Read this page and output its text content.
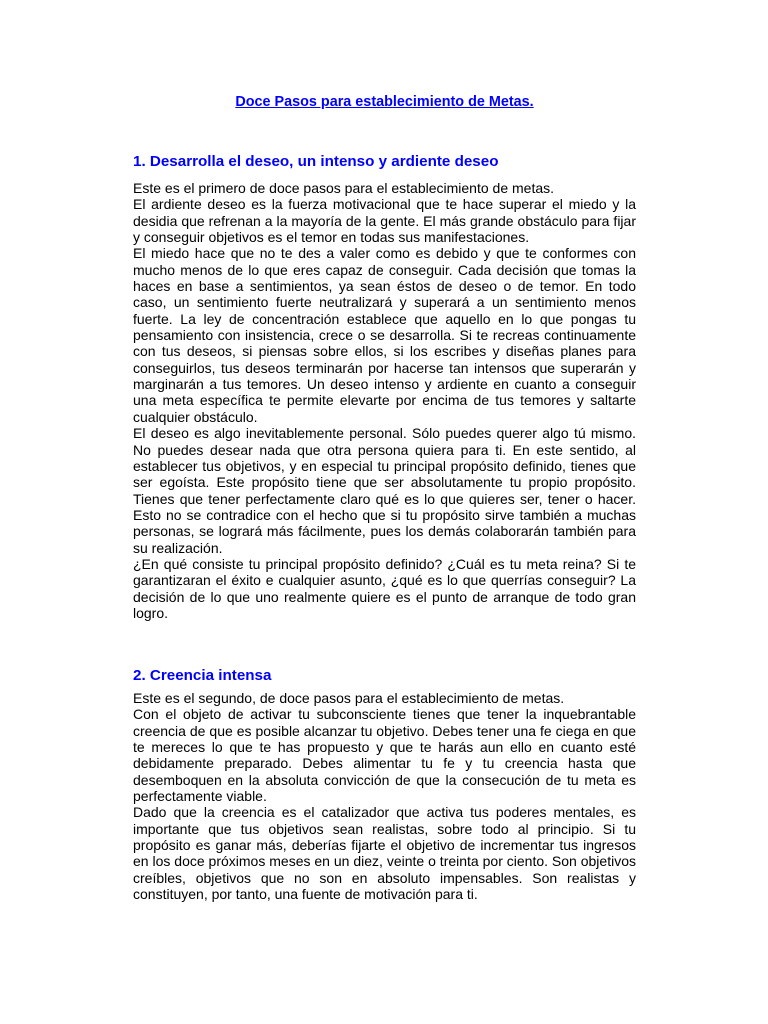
Doce Pasos para establecimiento de Metas.
1. Desarrolla el deseo, un intenso y ardiente deseo

Este es el primero de doce pasos para el establecimiento de metas.

El ardiente deseo es la fuerza motivacional que te hace superar el miedo y la desidia que refrenan a la mayoría de la gente. El más grande obstáculo para fijar y conseguir objetivos es el temor en todas sus manifestaciones.

El miedo hace que no te des a valer como es debido y que te conformes con mucho menos de lo que eres capaz de conseguir. Cada decisión que tomas la haces en base a sentimientos, ya sean éstos de deseo o de temor. En todo caso, un sentimiento fuerte neutralizará y superará a un sentimiento menos fuerte. La ley de concentración establece que aquello en lo que pongas tu pensamiento con insistencia, crece o se desarrolla. Si te recreas continuamente con tus deseos, si piensas sobre ellos, si los escribes y diseñas planes para conseguirlos, tus deseos terminarán por hacerse tan intensos que superarán y marginarán a tus temores. Un deseo intenso y ardiente en cuanto a conseguir una meta específica te permite elevarte por encima de tus temores y saltarte cualquier obstáculo.

El deseo es algo inevitablemente personal. Sólo puedes querer algo tú mismo. No puedes desear nada que otra persona quiera para ti. En este sentido, al establecer tus objetivos, y en especial tu principal propósito definido, tienes que ser egoísta. Este propósito tiene que ser absolutamente tu propio propósito. Tienes que tener perfectamente claro qué es lo que quieres ser, tener o hacer. Esto no se contradice con el hecho que si tu propósito sirve también a muchas personas, se logrará más fácilmente, pues los demás colaborarán también para su realización.

¿En qué consiste tu principal propósito definido? ¿Cuál es tu meta reina? Si te garantizaran el éxito e cualquier asunto, ¿qué es lo que querrías conseguir? La decisión de lo que uno realmente quiere es el punto de arranque de todo gran logro.

2. Creencia intensa

Este es el segundo, de doce pasos para el establecimiento de metas.

Con el objeto de activar tu subconsciente tienes que tener la inquebrantable creencia de que es posible alcanzar tu objetivo. Debes tener una fe ciega en que te mereces lo que te has propuesto y que te harás aun ello en cuanto esté debidamente preparado. Debes alimentar tu fe y tu creencia hasta que desemboquen en la absoluta convicción de que la consecución de tu meta es perfectamente viable.

Dado que la creencia es el catalizador que activa tus poderes mentales, es importante que tus objetivos sean realistas, sobre todo al principio. Si tu propósito es ganar más, deberías fijarte el objetivo de incrementar tus ingresos en los doce próximos meses en un diez, veinte o treinta por ciento. Son objetivos creíbles, objetivos que no son en absoluto impensables. Son realistas y constituyen, por tanto, una fuente de motivación para ti.
